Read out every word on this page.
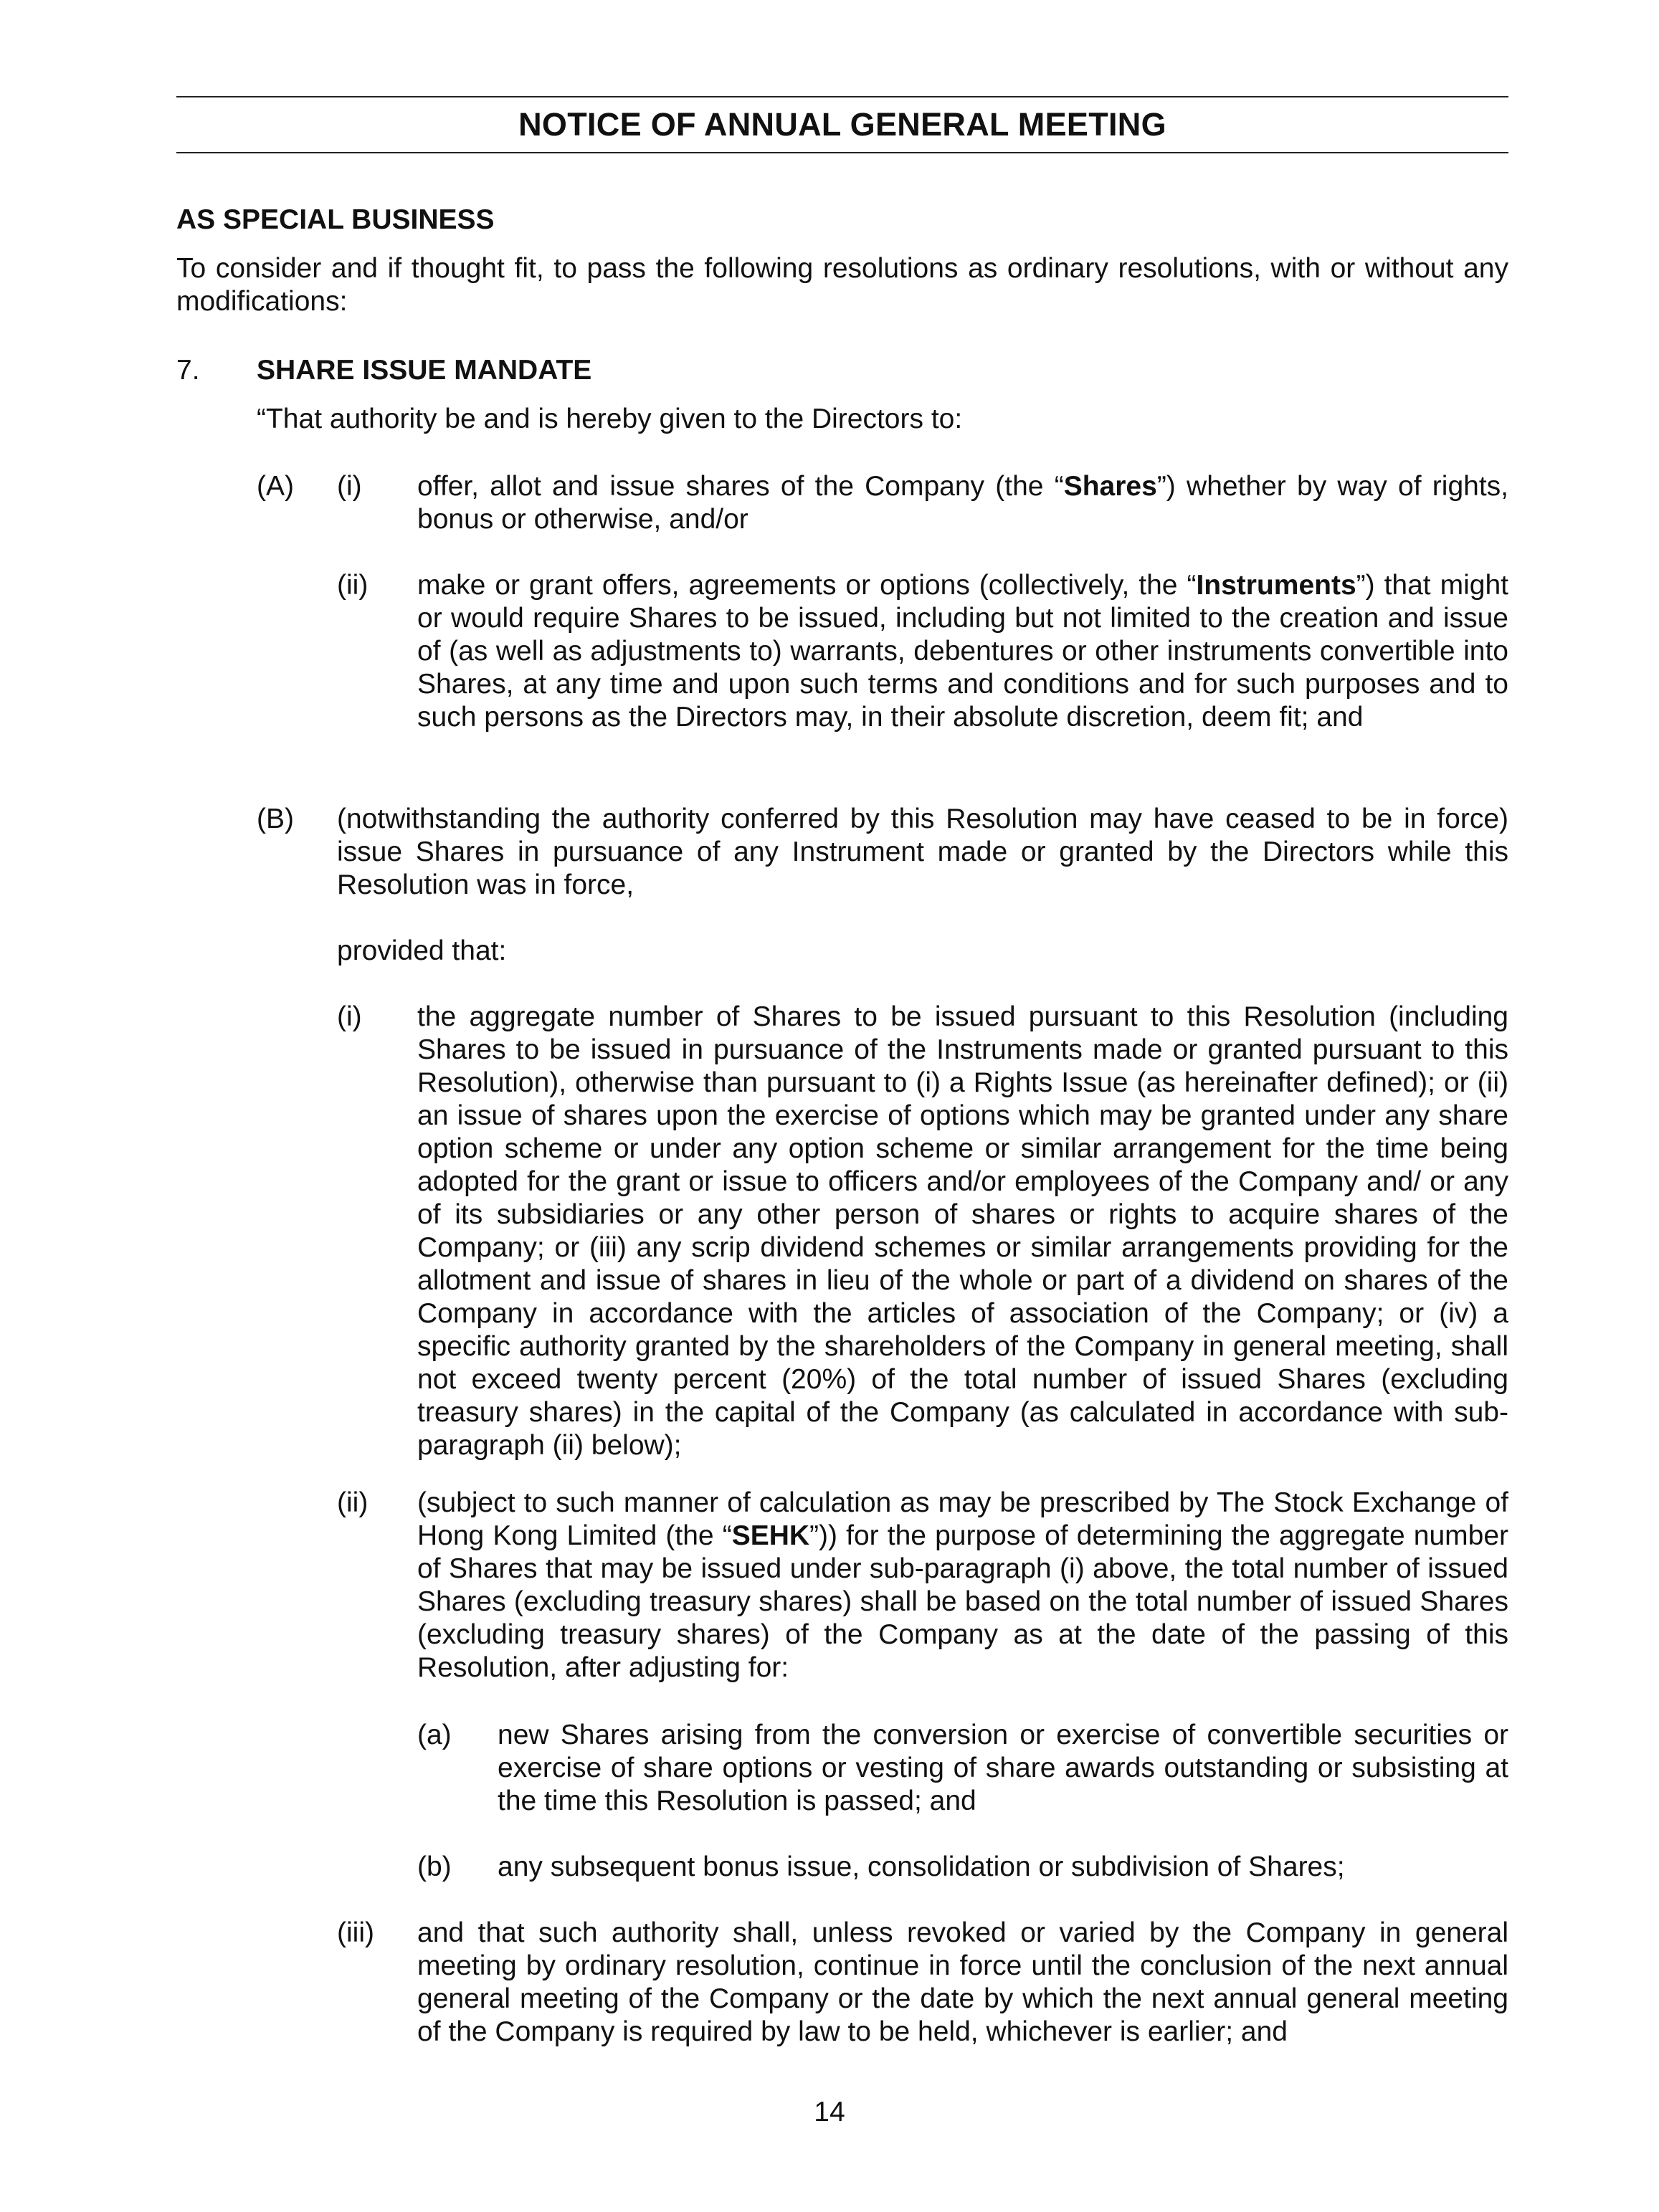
NOTICE OF ANNUAL GENERAL MEETING
AS SPECIAL BUSINESS
To consider and if thought fit, to pass the following resolutions as ordinary resolutions, with or without any modifications:
7. SHARE ISSUE MANDATE
“That authority be and is hereby given to the Directors to:
(A) (i) offer, allot and issue shares of the Company (the “Shares”) whether by way of rights, bonus or otherwise, and/or
(ii) make or grant offers, agreements or options (collectively, the “Instruments”) that might or would require Shares to be issued, including but not limited to the creation and issue of (as well as adjustments to) warrants, debentures or other instruments convertible into Shares, at any time and upon such terms and conditions and for such purposes and to such persons as the Directors may, in their absolute discretion, deem fit; and
(B) (notwithstanding the authority conferred by this Resolution may have ceased to be in force) issue Shares in pursuance of any Instrument made or granted by the Directors while this Resolution was in force,
provided that:
(i) the aggregate number of Shares to be issued pursuant to this Resolution (including Shares to be issued in pursuance of the Instruments made or granted pursuant to this Resolution), otherwise than pursuant to (i) a Rights Issue (as hereinafter defined); or (ii) an issue of shares upon the exercise of options which may be granted under any share option scheme or under any option scheme or similar arrangement for the time being adopted for the grant or issue to officers and/or employees of the Company and/ or any of its subsidiaries or any other person of shares or rights to acquire shares of the Company; or (iii) any scrip dividend schemes or similar arrangements providing for the allotment and issue of shares in lieu of the whole or part of a dividend on shares of the Company in accordance with the articles of association of the Company; or (iv) a specific authority granted by the shareholders of the Company in general meeting, shall not exceed twenty percent (20%) of the total number of issued Shares (excluding treasury shares) in the capital of the Company (as calculated in accordance with sub-paragraph (ii) below);
(ii) (subject to such manner of calculation as may be prescribed by The Stock Exchange of Hong Kong Limited (the “SEHK”)) for the purpose of determining the aggregate number of Shares that may be issued under sub-paragraph (i) above, the total number of issued Shares (excluding treasury shares) shall be based on the total number of issued Shares (excluding treasury shares) of the Company as at the date of the passing of this Resolution, after adjusting for:
(a) new Shares arising from the conversion or exercise of convertible securities or exercise of share options or vesting of share awards outstanding or subsisting at the time this Resolution is passed; and
(b) any subsequent bonus issue, consolidation or subdivision of Shares;
(iii) and that such authority shall, unless revoked or varied by the Company in general meeting by ordinary resolution, continue in force until the conclusion of the next annual general meeting of the Company or the date by which the next annual general meeting of the Company is required by law to be held, whichever is earlier; and
14
